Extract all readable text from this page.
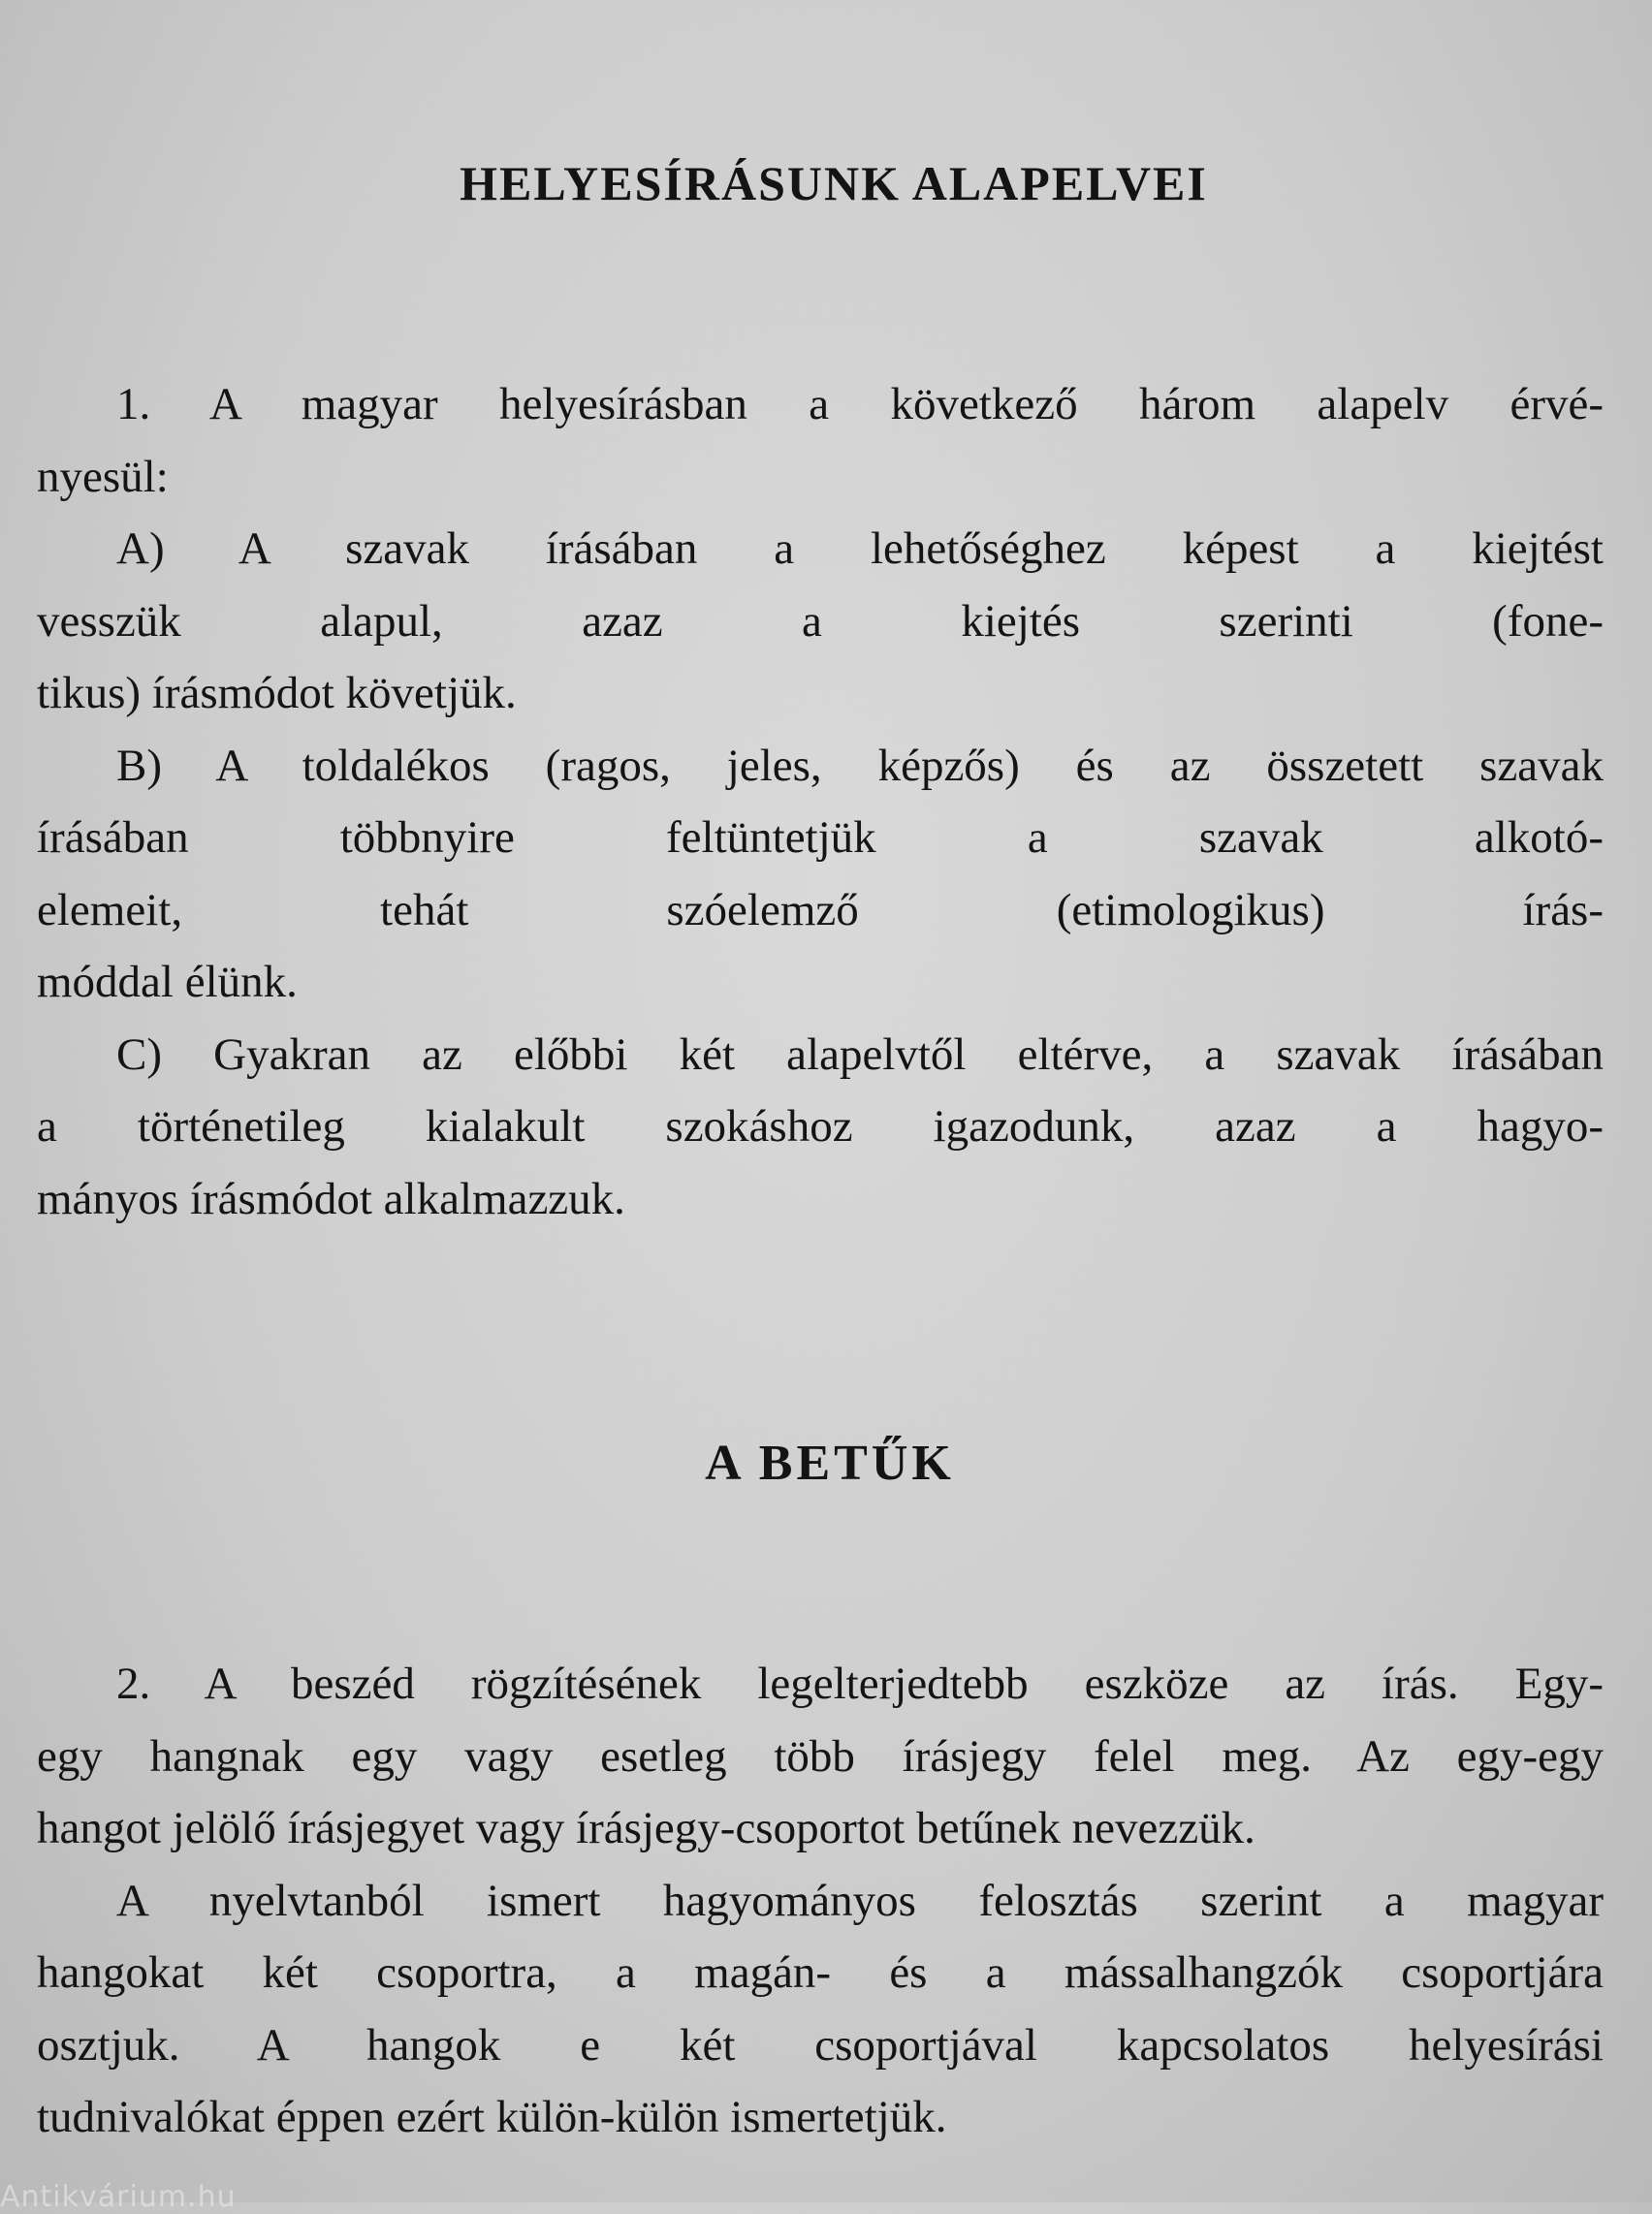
HELYESÍRÁSUNK ALAPELVEI

1. A magyar helyesírásban a következő három alapelv érvé-

nyesül:

A) A szavak írásában a lehetőséghez képest a kiejtést

vesszük alapul, azaz a kiejtés szerinti (fone-

tikus) írásmódot követjük.

B) A toldalékos (ragos, jeles, képzős) és az összetett szavak

írásában többnyire feltüntetjük a szavak alkotó-

elemeit, tehát szóelemző (etimologikus) írás-

móddal élünk.

C) Gyakran az előbbi két alapelvtől eltérve, a szavak írásában

a történetileg kialakult szokáshoz igazodunk, azaz a hagyo-

mányos írásmódot alkalmazzuk.

A BETŰK

2. A beszéd rögzítésének legelterjedtebb eszköze az írás. Egy-

egy hangnak egy vagy esetleg több írásjegy felel meg. Az egy-egy

hangot jelölő írásjegyet vagy írásjegy-csoportot betűnek nevezzük.

A nyelvtanból ismert hagyományos felosztás szerint a magyar

hangokat két csoportra, a magán- és a mássalhangzók csoportjára

osztjuk. A hangok e két csoportjával kapcsolatos helyesírási

tudnivalókat éppen ezért külön-külön ismertetjük.

Antikvárium.hu
